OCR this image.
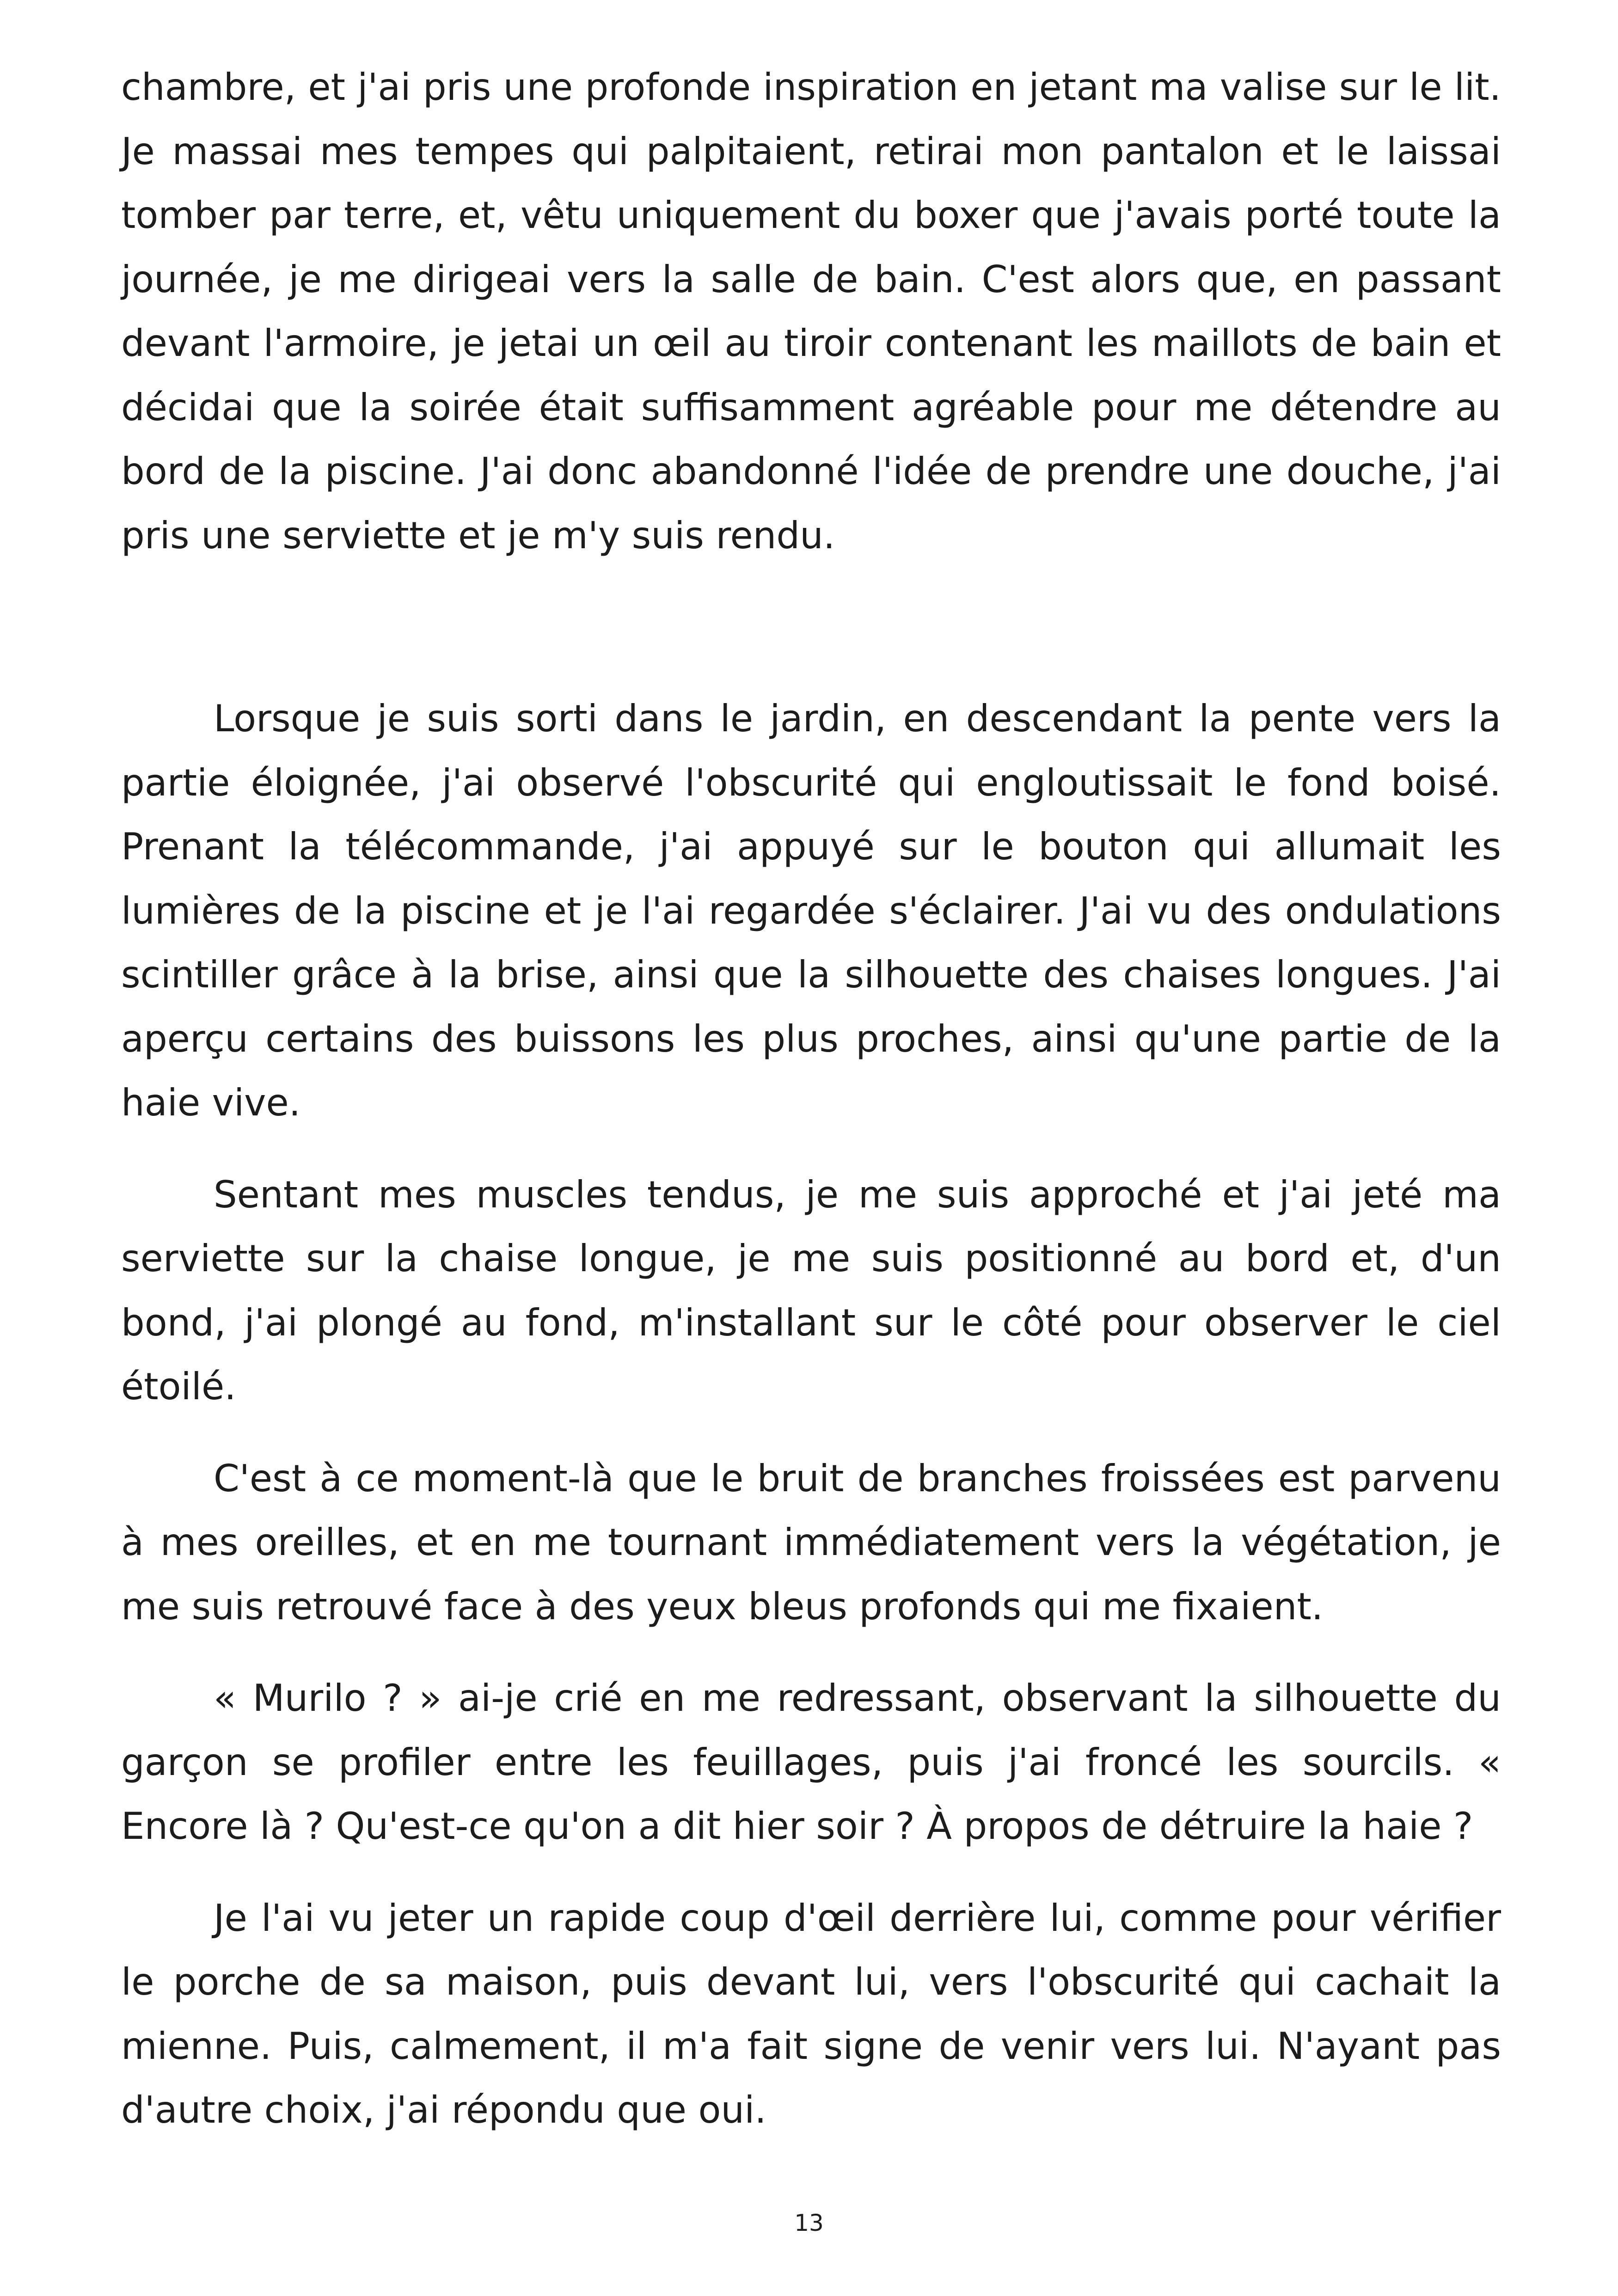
chambre, et j'ai pris une profonde inspiration en jetant ma valise sur le lit. Je massai mes tempes qui palpitaient, retirai mon pantalon et le laissai tomber par terre, et, vêtu uniquement du boxer que j'avais porté toute la journée, je me dirigeai vers la salle de bain. C'est alors que, en passant devant l'armoire, je jetai un œil au tiroir contenant les maillots de bain et décidai que la soirée était suffisamment agréable pour me détendre au bord de la piscine. J'ai donc abandonné l'idée de prendre une douche, j'ai pris une serviette et je m'y suis rendu.

Lorsque je suis sorti dans le jardin, en descendant la pente vers la partie éloignée, j'ai observé l'obscurité qui engloutissait le fond boisé. Prenant la télécommande, j'ai appuyé sur le bouton qui allumait les lumières de la piscine et je l'ai regardée s'éclairer. J'ai vu des ondulations scintiller grâce à la brise, ainsi que la silhouette des chaises longues. J'ai aperçu certains des buissons les plus proches, ainsi qu'une partie de la haie vive.

Sentant mes muscles tendus, je me suis approché et j'ai jeté ma serviette sur la chaise longue, je me suis positionné au bord et, d'un bond, j'ai plongé au fond, m'installant sur le côté pour observer le ciel étoilé.

C'est à ce moment-là que le bruit de branches froissées est parvenu à mes oreilles, et en me tournant immédiatement vers la végétation, je me suis retrouvé face à des yeux bleus profonds qui me fixaient.

« Murilo ? » ai-je crié en me redressant, observant la silhouette du garçon se profiler entre les feuillages, puis j'ai froncé les sourcils. « Encore là ? Qu'est-ce qu'on a dit hier soir ? À propos de détruire la haie ?

Je l'ai vu jeter un rapide coup d'œil derrière lui, comme pour vérifier le porche de sa maison, puis devant lui, vers l'obscurité qui cachait la mienne. Puis, calmement, il m'a fait signe de venir vers lui. N'ayant pas d'autre choix, j'ai répondu que oui.

13
